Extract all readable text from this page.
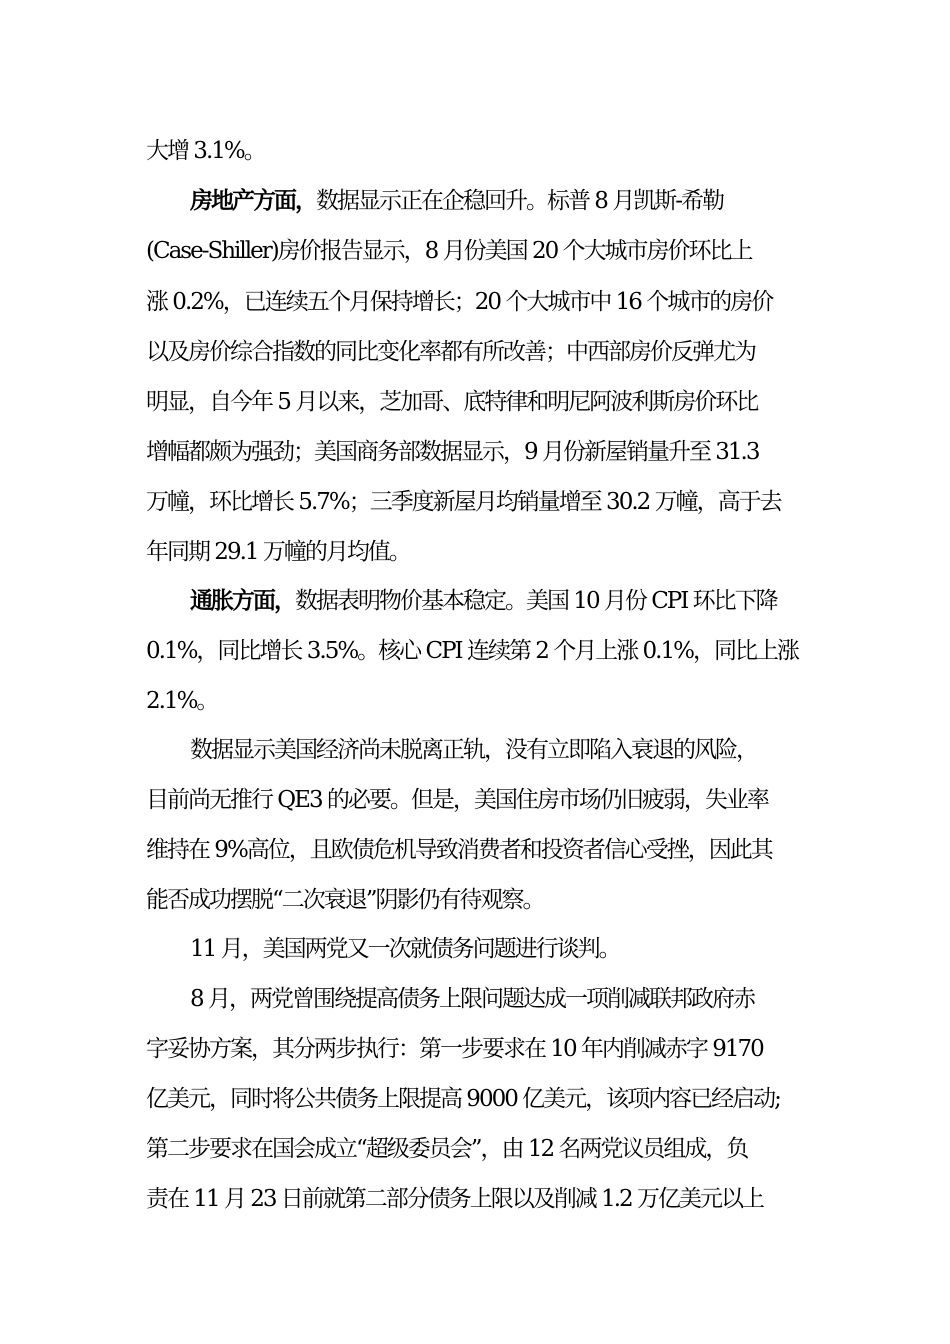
大增 3.1%。
房地产方面，数据显示正在企稳回升。标普 8 月凯斯-希勒
(Case-Shiller)房价报告显示，8 月份美国 20 个大城市房价环比上
涨 0.2%，已连续五个月保持增长；20 个大城市中 16 个城市的房价
以及房价综合指数的同比变化率都有所改善；中西部房价反弹尤为
明显，自今年 5 月以来，芝加哥、底特律和明尼阿波利斯房价环比
增幅都颇为强劲；美国商务部数据显示，9 月份新屋销量升至 31.3
万幢，环比增长 5.7%；三季度新屋月均销量增至 30.2 万幢，高于去
年同期 29.1 万幢的月均值。
通胀方面，数据表明物价基本稳定。美国 10 月份 CPI 环比下降
0.1%，同比增长 3.5%。核心 CPI 连续第 2 个月上涨 0.1%，同比上涨
2.1%。
数据显示美国经济尚未脱离正轨，没有立即陷入衰退的风险，
目前尚无推行 QE3 的必要。但是，美国住房市场仍旧疲弱，失业率
维持在 9%高位，且欧债危机导致消费者和投资者信心受挫，因此其
能否成功摆脱“二次衰退”阴影仍有待观察。
11 月，美国两党又一次就债务问题进行谈判。
8 月，两党曾围绕提高债务上限问题达成一项削减联邦政府赤
字妥协方案，其分两步执行：第一步要求在 10 年内削减赤字 9170
亿美元，同时将公共债务上限提高 9000 亿美元，该项内容已经启动;
第二步要求在国会成立“超级委员会”，由 12 名两党议员组成，负
责在 11 月 23 日前就第二部分债务上限以及削减 1.2 万亿美元以上
